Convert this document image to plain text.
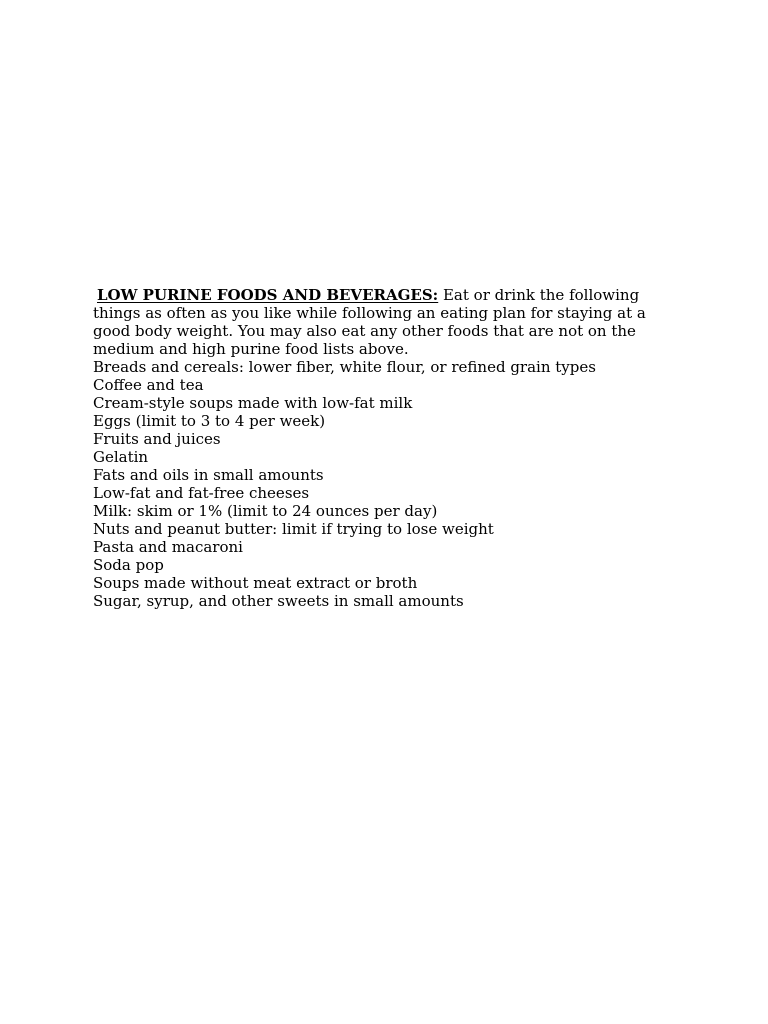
LOW PURINE FOODS AND BEVERAGES: Eat or drink the following things as often as you like while following an eating plan for staying at a good body weight. You may also eat any other foods that are not on the medium and high purine food lists above.

Breads and cereals: lower fiber, white flour, or refined grain types
Coffee and tea
Cream-style soups made with low-fat milk
Eggs (limit to 3 to 4 per week)
Fruits and juices
Gelatin
Fats and oils in small amounts
Low-fat and fat-free cheeses
Milk: skim or 1% (limit to 24 ounces per day)
Nuts and peanut butter: limit if trying to lose weight
Pasta and macaroni
Soda pop
Soups made without meat extract or broth
Sugar, syrup, and other sweets in small amounts
